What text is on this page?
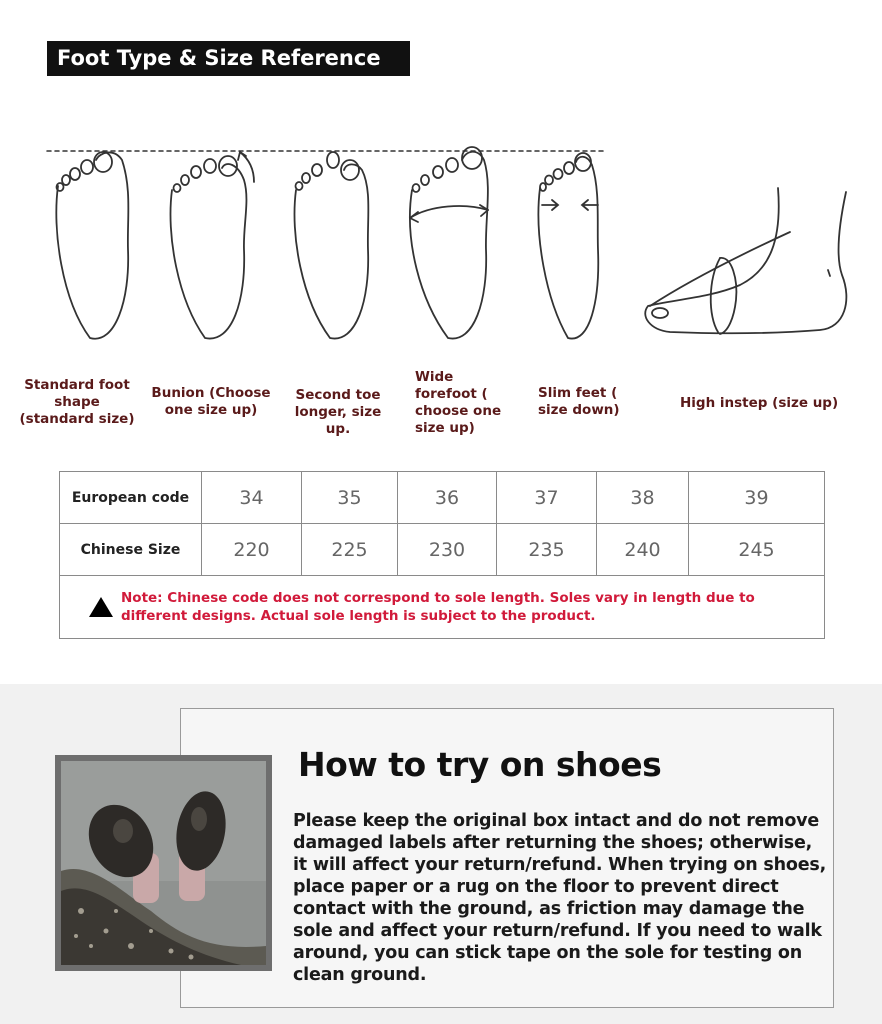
Foot Type & Size Reference
Standard foot shape (standard size)
Bunion (Choose one size up)
Second toe longer, size up.
Wide forefoot ( choose one size up)
Slim feet ( size down)	High instep (size up)
European code	34	35	36	37	38	39
Chinese Size	220	225	230	235	240	245

Note: Chinese code does not correspond to sole length. Soles vary in length due to different designs. Actual sole length is subject to the product.						
How to try on shoes
Please keep the original box intact and do not remove damaged labels after returning the shoes; otherwise, it will affect your return/refund. When trying on shoes, place paper or a rug on the floor to prevent direct contact with the ground, as friction may damage the sole and affect your return/refund. If you need to walk around, you can stick tape on the sole for testing on clean ground.
